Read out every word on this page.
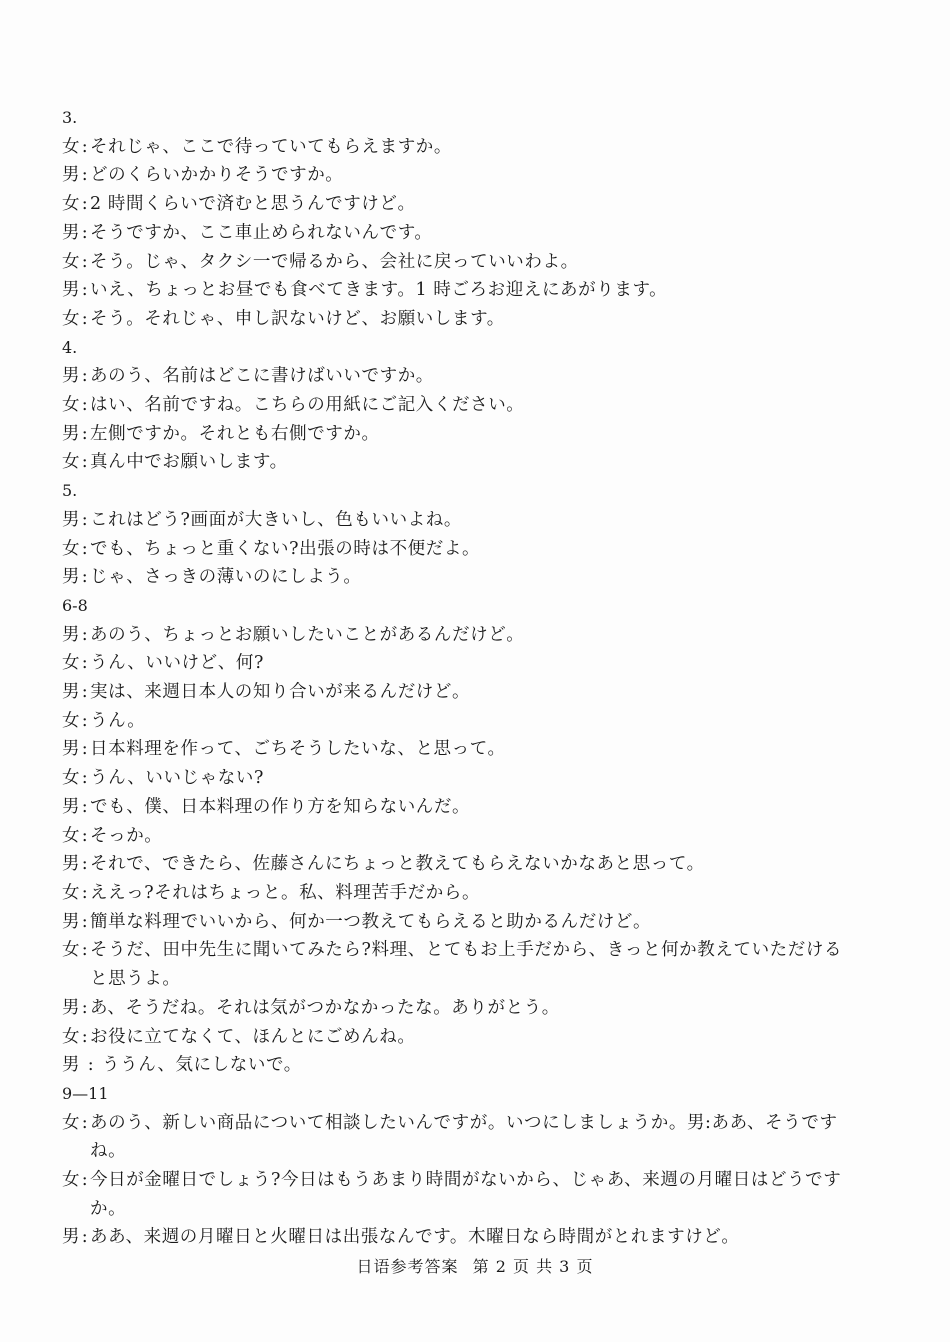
3.
女: それじゃ、ここで待っていてもらえますか。
男: どのくらいかかりそうですか。
女: 2 時間くらいで済むと思うんですけど。
男: そうですか、ここ車止められないんです。
女: そう。じゃ、タクシ一で帰るから、会社に戻っていいわよ。
男: いえ、ちょっとお昼でも食べてきます。1 時ごろお迎えにあがります。
女: そう。それじゃ、申し訳ないけど、お願いします。
4.
男: あのう、名前はどこに書けばいいですか。
女: はい、名前ですね。こちらの用紙にご記入ください。
男: 左側ですか。それとも右側ですか。
女: 真ん中でお願いします。
5.
男: これはどう?画面が大きいし、色もいいよね。
女: でも、ちょっと重くない?出張の時は不便だよ。
男: じゃ、さっきの薄いのにしよう。
6-8
男: あのう、ちょっとお願いしたいことがあるんだけど。
女: うん、いいけど、何?
男: 実は、来週日本人の知り合いが来るんだけど。
女: うん。
男: 日本料理を作って、ごちそうしたいな、と思って。
女: うん、いいじゃない?
男: でも、僕、日本料理の作り方を知らないんだ。
女: そっか。
男: それで、できたら、佐藤さんにちょっと教えてもらえないかなあと思って。
女: ええっ?それはちょっと。私、料理苦手だから。
男: 簡単な料理でいいから、何か一つ教えてもらえると助かるんだけど。
女: そうだ、田中先生に聞いてみたら?料理、とてもお上手だから、きっと何か教えていただける
と思うよ。
男: あ、そうだね。それは気がつかなかったな。ありがとう。
女: お役に立てなくて、ほんとにごめんね。
男:ううん、気にしないで。
9—11
女: あのう、新しい商品について相談したいんですが。いつにしましょうか。男:ああ、そうです
ね。
女: 今日が金曜日でしょう?今日はもうあまり時間がないから、じゃあ、来週の月曜日はどうです
か。
男: ああ、来週の月曜日と火曜日は出張なんです。木曜日なら時間がとれますけど。
日语参考答案 第 2 页 共 3 页
